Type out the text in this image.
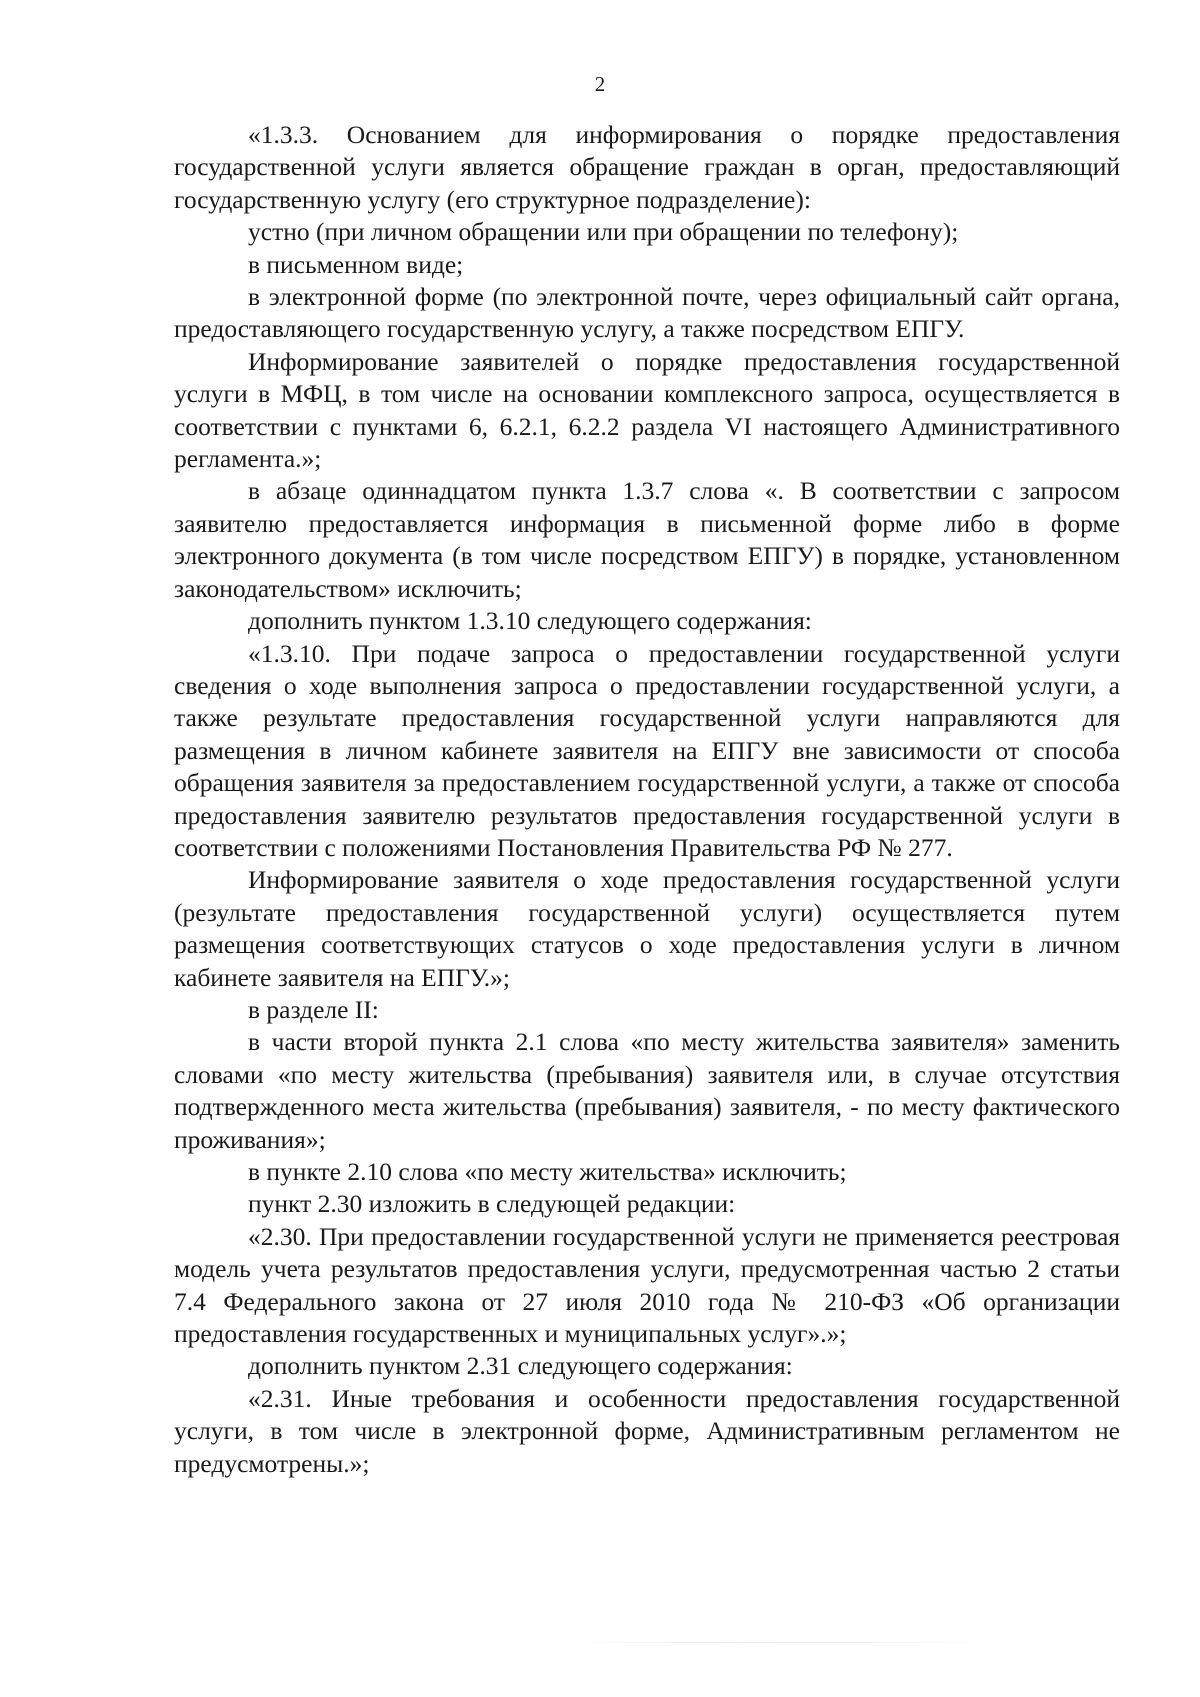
2

«1.3.3. Основанием для информирования о порядке предоставления государственной услуги является обращение граждан в орган, предоставляющий государственную услугу (его структурное подразделение):

устно (при личном обращении или при обращении по телефону);

в письменном виде;

в электронной форме (по электронной почте, через официальный сайт органа, предоставляющего государственную услугу, а также посредством ЕПГУ.

Информирование заявителей о порядке предоставления государственной услуги в МФЦ, в том числе на основании комплексного запроса, осуществляется в соответствии с пунктами 6, 6.2.1, 6.2.2 раздела VI настоящего Административного регламента.»;

в абзаце одиннадцатом пункта 1.3.7 слова «. В соответствии с запросом заявителю предоставляется информация в письменной форме либо в форме электронного документа (в том числе посредством ЕПГУ) в порядке, установленном законодательством» исключить;

дополнить пунктом 1.3.10 следующего содержания:

«1.3.10. При подаче запроса о предоставлении государственной услуги сведения о ходе выполнения запроса о предоставлении государственной услуги, а также результате предоставления государственной услуги направляются для размещения в личном кабинете заявителя на ЕПГУ вне зависимости от способа обращения заявителя за предоставлением государственной услуги, а также от способа предоставления заявителю результатов предоставления государственной услуги в соответствии с положениями Постановления Правительства РФ № 277.

Информирование заявителя о ходе предоставления государственной услуги (результате предоставления государственной услуги) осуществляется путем размещения соответствующих статусов о ходе предоставления услуги в личном кабинете заявителя на ЕПГУ.»;

в разделе II:

в части второй пункта 2.1 слова «по месту жительства заявителя» заменить словами «по месту жительства (пребывания) заявителя или, в случае отсутствия подтвержденного места жительства (пребывания) заявителя, - по месту фактического проживания»;

в пункте 2.10 слова «по месту жительства» исключить;

пункт 2.30 изложить в следующей редакции:

«2.30. При предоставлении государственной услуги не применяется реестровая модель учета результатов предоставления услуги, предусмотренная частью 2 статьи 7.4 Федерального закона от 27 июля 2010 года № 210-ФЗ «Об организации предоставления государственных и муниципальных услуг».»;

дополнить пунктом 2.31 следующего содержания:

«2.31. Иные требования и особенности предоставления государственной услуги, в том числе в электронной форме, Административным регламентом не предусмотрены.»;
